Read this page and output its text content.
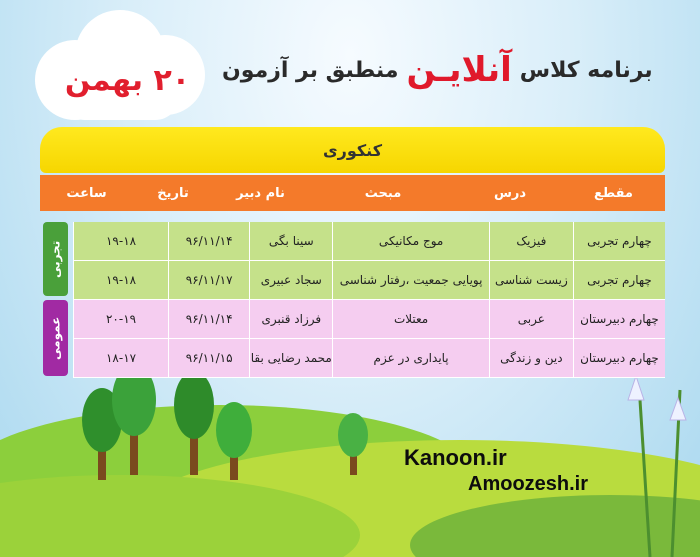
برنامه کلاس
آنلایـن
منطبق بر آزمون
۲۰ بهمن
کنکوری
مقطع
درس
مبحث
نام دبیر
تاریخ
ساعت
تجربی
عمومی
چهارم تجربی
فیزیک
موج مکانیکی
سینا بگی
۹۶/۱۱/۱۴
۱۹-۱۸
چهارم تجربی
زیست شناسی
پویایی جمعیت ،رفتار شناسی
سجاد عبیری
۹۶/۱۱/۱۷
۱۹-۱۸
چهارم دبیرستان
عربی
معتلات
فرزاد قنبری
۹۶/۱۱/۱۴
۲۰-۱۹
چهارم دبیرستان
دین و زندگی
پایداری در عزم
محمد رضایی بقا
۹۶/۱۱/۱۵
۱۸-۱۷
Kanoon.ir
Amoozesh.ir
